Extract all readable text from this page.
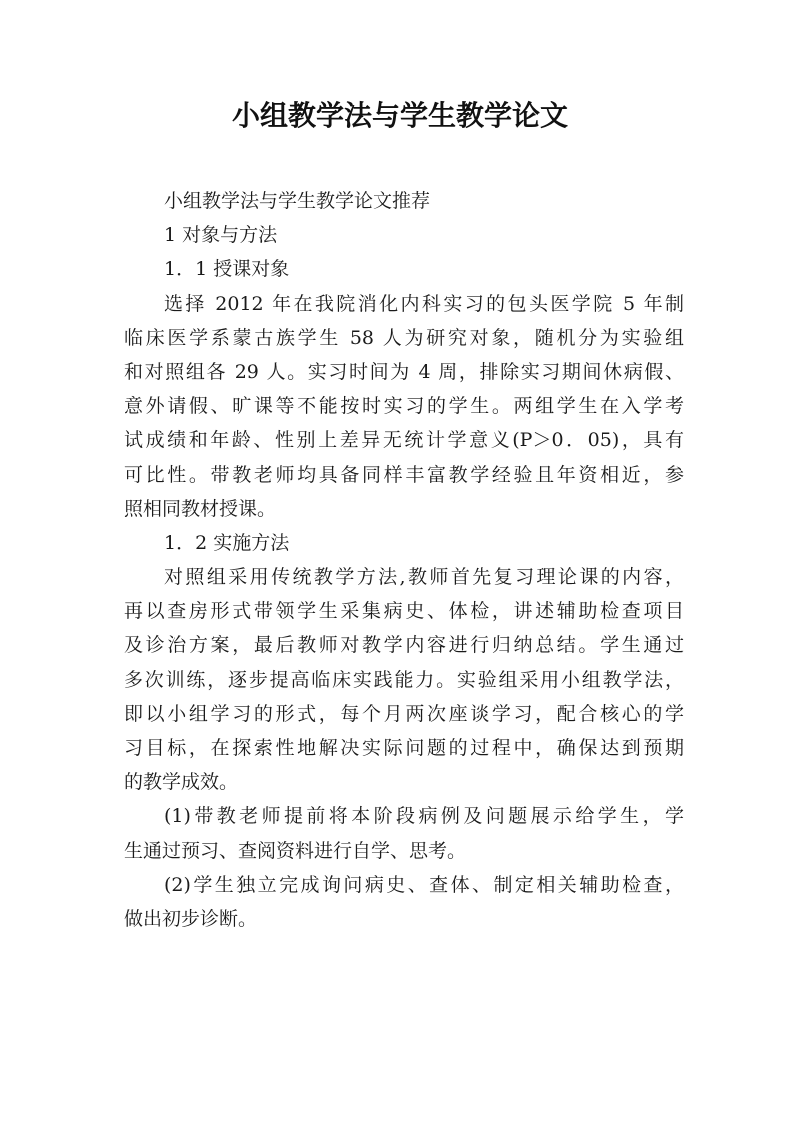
小组教学法与学生教学论文
小组教学法与学生教学论文推荐
1 对象与方法
1．1 授课对象
选择 2012 年在我院消化内科实习的包头医学院 5 年制
临床医学系蒙古族学生 58 人为研究对象，随机分为实验组
和对照组各 29 人。实习时间为 4 周，排除实习期间休病假、
意外请假、旷课等不能按时实习的学生。两组学生在入学考
试成绩和年龄、性别上差异无统计学意义(P＞0．05)，具有
可比性。带教老师均具备同样丰富教学经验且年资相近，参
照相同教材授课。
1．2 实施方法
对照组采用传统教学方法,教师首先复习理论课的内容，
再以查房形式带领学生采集病史、体检，讲述辅助检查项目
及诊治方案，最后教师对教学内容进行归纳总结。学生通过
多次训练，逐步提高临床实践能力。实验组采用小组教学法，
即以小组学习的形式，每个月两次座谈学习，配合核心的学
习目标，在探索性地解决实际问题的过程中，确保达到预期
的教学成效。
(1)带教老师提前将本阶段病例及问题展示给学生，学
生通过预习、查阅资料进行自学、思考。
(2)学生独立完成询问病史、查体、制定相关辅助检查，
做出初步诊断。
